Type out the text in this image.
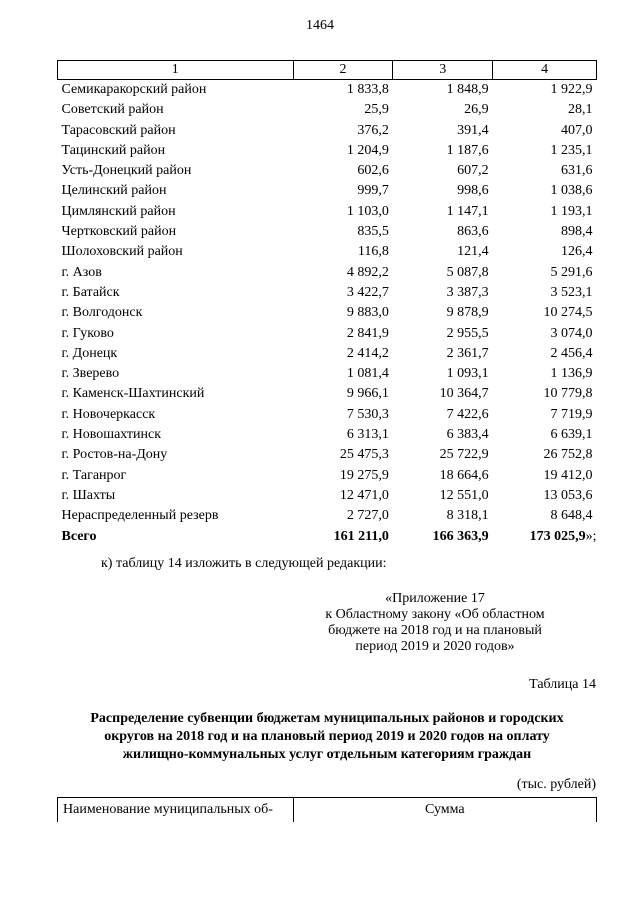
1464
1	2	3	4
Семикаракорский район	1 833,8	1 848,9	1 922,9
Советский район	25,9	26,9	28,1
Тарасовский район	376,2	391,4	407,0
Тацинский район	1 204,9	1 187,6	1 235,1
Усть-Донецкий район	602,6	607,2	631,6
Целинский район	999,7	998,6	1 038,6
Цимлянский район	1 103,0	1 147,1	1 193,1
Чертковский район	835,5	863,6	898,4
Шолоховский район	116,8	121,4	126,4
г. Азов	4 892,2	5 087,8	5 291,6
г. Батайск	3 422,7	3 387,3	3 523,1
г. Волгодонск	9 883,0	9 878,9	10 274,5
г. Гуково	2 841,9	2 955,5	3 074,0
г. Донецк	2 414,2	2 361,7	2 456,4
г. Зверево	1 081,4	1 093,1	1 136,9
г. Каменск-Шахтинский	9 966,1	10 364,7	10 779,8
г. Новочеркасск	7 530,3	7 422,6	7 719,9
г. Новошахтинск	6 313,1	6 383,4	6 639,1
г. Ростов-на-Дону	25 475,3	25 722,9	26 752,8
г. Таганрог	19 275,9	18 664,6	19 412,0
г. Шахты	12 471,0	12 551,0	13 053,6
Нераспределенный резерв	2 727,0	8 318,1	8 648,4
Всего	161 211,0	166 363,9	173 025,9»;
к) таблицу 14 изложить в следующей редакции:
«Приложение 17
к Областному закону «Об областном
бюджете на 2018 год и на плановый
период 2019 и 2020 годов»
Таблица 14
Распределение субвенции бюджетам муниципальных районов и городских
округов на 2018 год и на плановый период 2019 и 2020 годов на оплату
жилищно-коммунальных услуг отдельным категориям граждан
(тыс. рублей)
Наименование муниципальных об-	Сумма
